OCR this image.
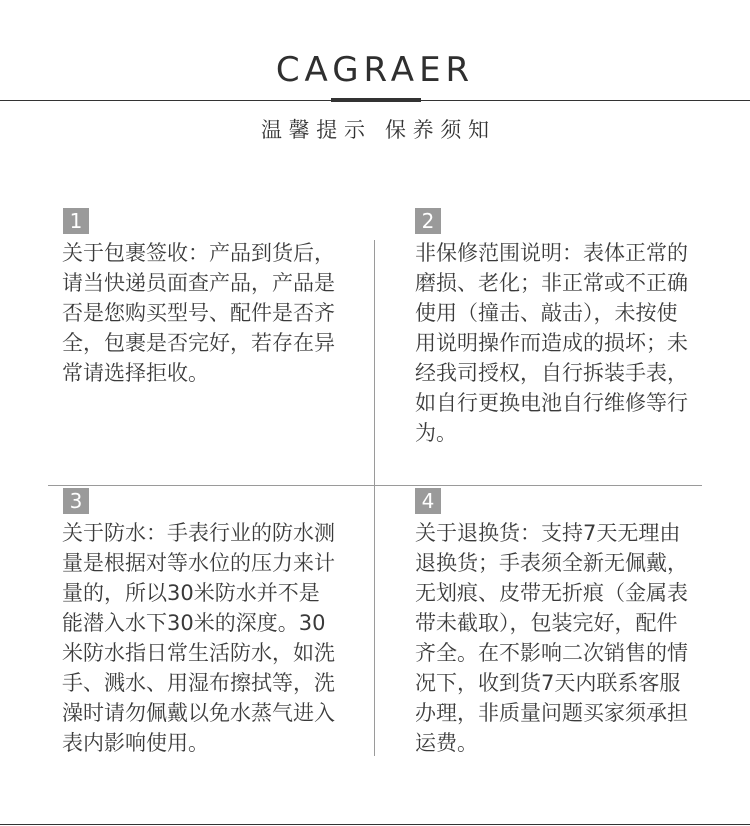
CAGRAER
温 馨 提 示   保 养 须 知
1
关于包裹签收：产品到货后，请当快递员面查产品，产品是否是您购买型号、配件是否齐全，包裹是否完好，若存在异常请选择拒收。
2
非保修范围说明：表体正常的磨损、老化；非正常或不正确使用（撞击、敲击），未按使用说明操作而造成的损坏；未经我司授权，自行拆装手表，如自行更换电池自行维修等行为。
3
关于防水：手表行业的防水测量是根据对等水位的压力来计量的，所以30米防水并不是能潜入水下30米的深度。30米防水指日常生活防水，如洗手、溅水、用湿布擦拭等，洗澡时请勿佩戴以免水蒸气进入表内影响使用。
4
关于退换货：支持7天无理由退换货；手表须全新无佩戴，无划痕、皮带无折痕（金属表带未截取），包装完好，配件齐全。在不影响二次销售的情况下，收到货7天内联系客服办理，非质量问题买家须承担运费。
